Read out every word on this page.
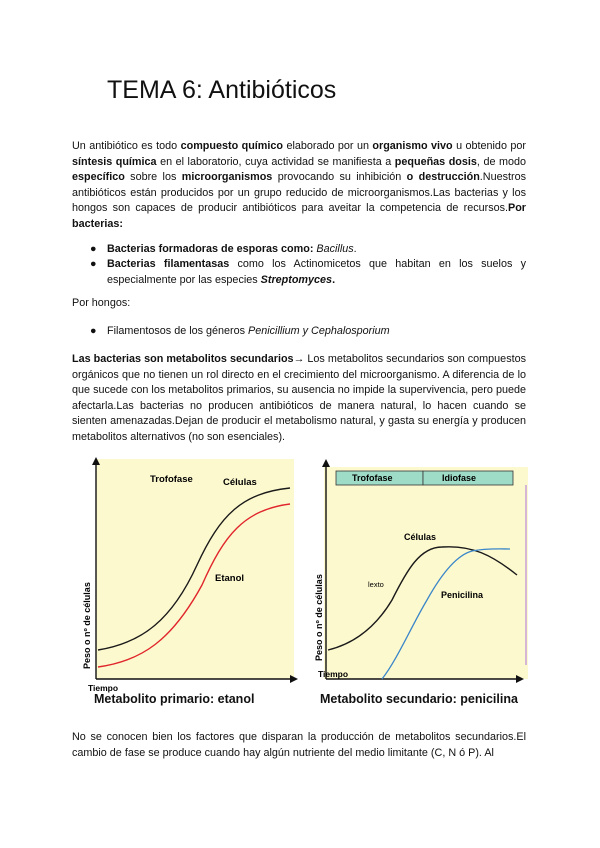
TEMA 6: Antibióticos

Un antibiótico es todo compuesto químico elaborado por un organismo vivo u obtenido por síntesis química en el laboratorio, cuya actividad se manifiesta a pequeñas dosis, de modo específico sobre los microorganismos provocando su inhibición o destrucción.Nuestros antibióticos están producidos por un grupo reducido de microorganismos.Las bacterias y los hongos son capaces de producir antibióticos para aveitar la competencia de recursos.Por bacterias:

● Bacterias formadoras de esporas como: Bacillus.
● Bacterias filamentasas como los Actinomicetos que habitan en los suelos y especialmente por las especies Streptomyces.

Por hongos:

● Filamentosos de los géneros Penicillium y Cephalosporium

Las bacterias son metabolitos secundarios→ Los metabolitos secundarios son compuestos orgánicos que no tienen un rol directo en el crecimiento del microorganismo. A diferencia de lo que sucede con los metabolitos primarios, su ausencia no impide la supervivencia, pero puede afectarla.Las bacterias no producen antibióticos de manera natural, lo hacen cuando se sienten amenazadas.Dejan de producir el metabolismo natural, y gasta su energía y producen metabolitos alternativos (no son esenciales).

Trofofase	Células
Etanol
Peso o nº de células
Tiempo
Metabolito primario: etanol
Trofofase	Idiofase
Células
Penicilina
lexto
Peso o nº de células
Tiempo
Metabolito secundario: penicilina

No se conocen bien los factores que disparan la producción de metabolitos secundarios.El cambio de fase se produce cuando hay algún nutriente del medio limitante (C, N ó P). Al
